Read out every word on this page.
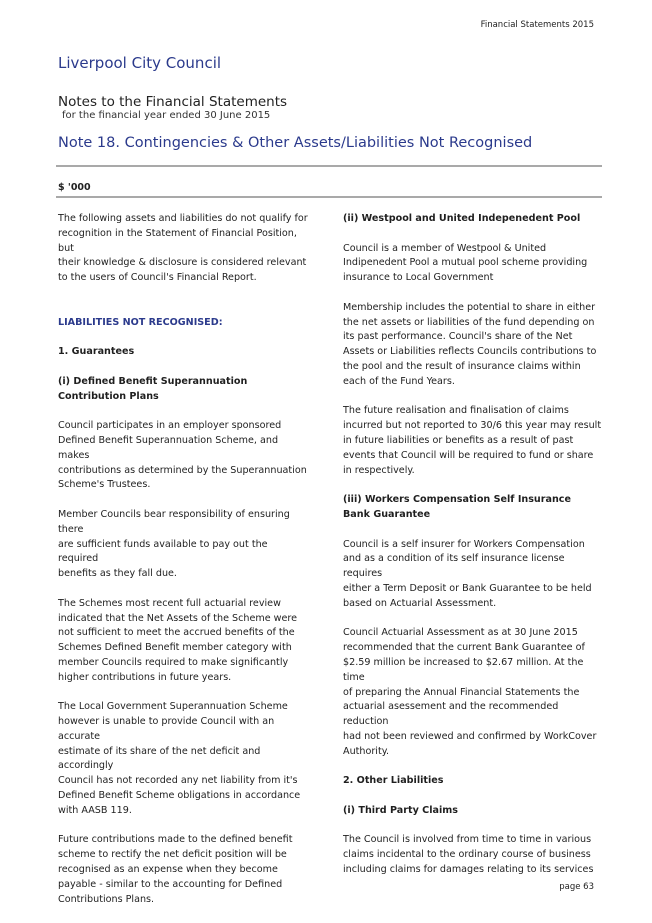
Financial Statements 2015
Liverpool City Council
Notes to the Financial Statements
for the financial year ended 30 June 2015
Note 18. Contingencies & Other Assets/Liabilities Not Recognised
$ '000

The following assets and liabilities do not qualify for
recognition in the Statement of Financial Position, but
their knowledge & disclosure is considered relevant
to the users of Council's Financial Report.

LIABILITIES NOT RECOGNISED:

1. Guarantees

(i) Defined Benefit Superannuation
Contribution Plans

Council participates in an employer sponsored
Defined Benefit Superannuation Scheme, and makes
contributions as determined by the Superannuation
Scheme's Trustees.

Member Councils bear responsibility of ensuring there
are sufficient funds available to pay out the required
benefits as they fall due.

The Schemes most recent full actuarial review
indicated that the Net Assets of the Scheme were
not sufficient to meet the accrued benefits of the
Schemes Defined Benefit member category with
member Councils required to make significantly
higher contributions in future years.

The Local Government Superannuation Scheme
however is unable to provide Council with an accurate
estimate of its share of the net deficit and accordingly
Council has not recorded any net liability from it's
Defined Benefit Scheme obligations in accordance
with AASB 119.

Future contributions made to the defined benefit
scheme to rectify the net deficit position will be
recognised as an expense when they become
payable - similar to the accounting for Defined
Contributions Plans.

(ii) Westpool and United Indepenedent Pool

Council is a member of Westpool & United
Indipenedent Pool a mutual pool scheme providing
insurance to Local Government

Membership includes the potential to share in either
the net assets or liabilities of the fund depending on
its past performance. Council's share of the Net
Assets or Liabilities reflects Councils contributions to
the pool and the result of insurance claims within
each of the Fund Years.

The future realisation and finalisation of claims
incurred but not reported to 30/6 this year may result
in future liabilities or benefits as a result of past
events that Council will be required to fund or share
in respectively.

(iii) Workers Compensation Self Insurance
Bank Guarantee

Council is a self insurer for Workers Compensation
and as a condition of its self insurance license requires
either a Term Deposit or Bank Guarantee to be held
based on Actuarial Assessment.

Council Actuarial Assessment as at 30 June 2015
recommended that the current Bank Guarantee of
$2.59 million be increased to $2.67 million. At the time
of preparing the Annual Financial Statements the
actuarial asessement and the recommended reduction
had not been reviewed and confirmed by WorkCover
Authority.

2. Other Liabilities

(i) Third Party Claims

The Council is involved from time to time in various
claims incidental to the ordinary course of business
including claims for damages relating to its services

page 63
